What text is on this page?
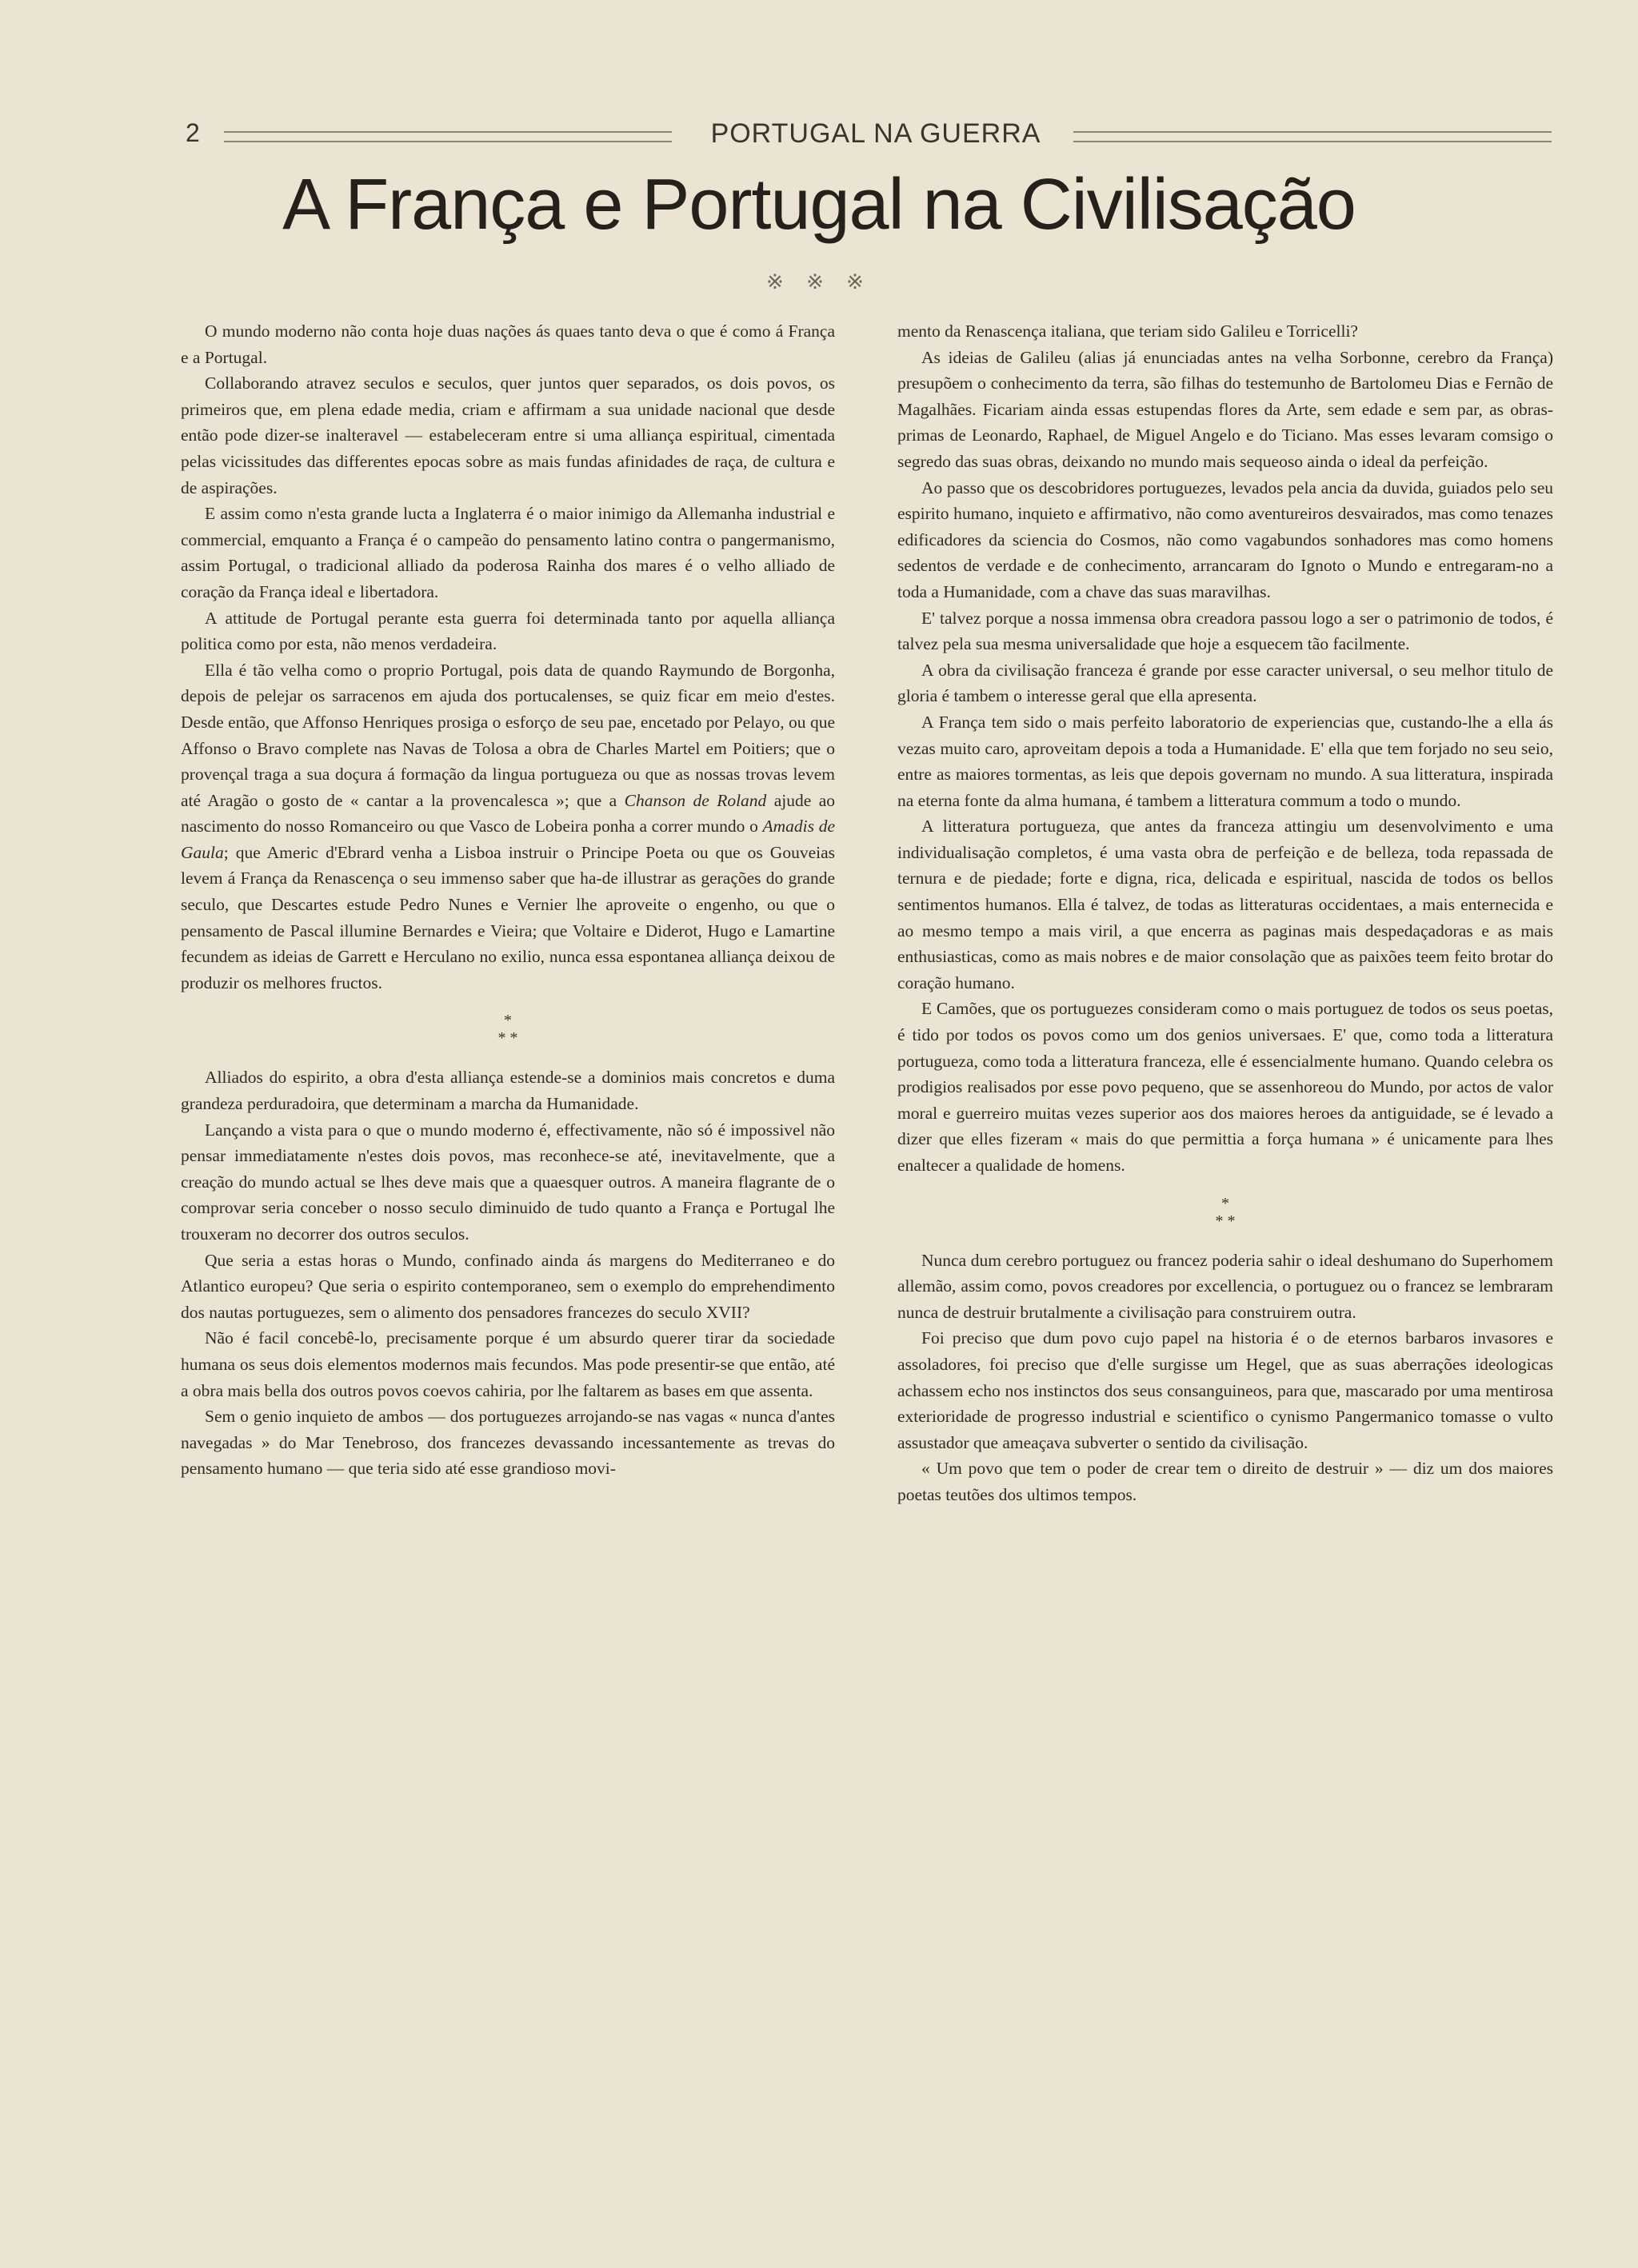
2	PORTUGAL NA GUERRA
A França e Portugal na Civilisação
※ ※ ※

O mundo moderno não conta hoje duas nações ás quaes tanto deva o que é como á França e a Portugal.

Collaborando atravez seculos e seculos, quer juntos quer separados, os dois povos, os primeiros que, em plena edade media, criam e affirmam a sua unidade nacional que desde então pode dizer-se inalteravel — estabeleceram entre si uma alliança espiritual, cimentada pelas vicissitudes das differentes epocas sobre as mais fundas afinidades de raça, de cultura e de aspirações.

E assim como n'esta grande lucta a Inglaterra é o maior inimigo da Allemanha industrial e commercial, emquanto a França é o campeão do pensamento latino contra o pangermanismo, assim Portugal, o tradicional alliado da poderosa Rainha dos mares é o velho alliado de coração da França ideal e libertadora.

A attitude de Portugal perante esta guerra foi determinada tanto por aquella alliança politica como por esta, não menos verdadeira.

Ella é tão velha como o proprio Portugal, pois data de quando Raymundo de Borgonha, depois de pelejar os sarracenos em ajuda dos portucalenses, se quiz ficar em meio d'estes. Desde então, que Affonso Henriques prosiga o esforço de seu pae, encetado por Pelayo, ou que Affonso o Bravo complete nas Navas de Tolosa a obra de Charles Martel em Poitiers; que o provençal traga a sua doçura á formação da lingua portugueza ou que as nossas trovas levem até Aragão o gosto de « cantar a la provencalesca »; que a Chanson de Roland ajude ao nascimento do nosso Romanceiro ou que Vasco de Lobeira ponha a correr mundo o Amadis de Gaula; que Americ d'Ebrard venha a Lisboa instruir o Principe Poeta ou que os Gouveias levem á França da Renascença o seu immenso saber que ha-de illustrar as gerações do grande seculo, que Descartes estude Pedro Nunes e Vernier lhe aproveite o engenho, ou que o pensamento de Pascal illumine Bernardes e Vieira; que Voltaire e Diderot, Hugo e Lamartine fecundem as ideias de Garrett e Herculano no exilio, nunca essa espontanea alliança deixou de produzir os melhores fructos.

*
* *

Alliados do espirito, a obra d'esta alliança estende-se a dominios mais concretos e duma grandeza perduradoira, que determinam a marcha da Humanidade.

Lançando a vista para o que o mundo moderno é, effectivamente, não só é impossivel não pensar immediatamente n'estes dois povos, mas reconhece-se até, inevitavelmente, que a creação do mundo actual se lhes deve mais que a quaesquer outros. A maneira flagrante de o comprovar seria conceber o nosso seculo diminuido de tudo quanto a França e Portugal lhe trouxeram no decorrer dos outros seculos.

Que seria a estas horas o Mundo, confinado ainda ás margens do Mediterraneo e do Atlantico europeu? Que seria o espirito contemporaneo, sem o exemplo do emprehendimento dos nautas portuguezes, sem o alimento dos pensadores francezes do seculo XVII?

Não é facil concebê-lo, precisamente porque é um absurdo querer tirar da sociedade humana os seus dois elementos modernos mais fecundos. Mas pode presentir-se que então, até a obra mais bella dos outros povos coevos cahiria, por lhe faltarem as bases em que assenta.

Sem o genio inquieto de ambos — dos portuguezes arrojando-se nas vagas « nunca d'antes navegadas » do Mar Tenebroso, dos francezes devassando incessantemente as trevas do pensamento humano — que teria sido até esse grandioso movi-

mento da Renascença italiana, que teriam sido Galileu e Torricelli?

As ideias de Galileu (alias já enunciadas antes na velha Sorbonne, cerebro da França) presupõem o conhecimento da terra, são filhas do testemunho de Bartolomeu Dias e Fernão de Magalhães. Ficariam ainda essas estupendas flores da Arte, sem edade e sem par, as obras-primas de Leonardo, Raphael, de Miguel Angelo e do Ticiano. Mas esses levaram comsigo o segredo das suas obras, deixando no mundo mais sequeoso ainda o ideal da perfeição.

Ao passo que os descobridores portuguezes, levados pela ancia da duvida, guiados pelo seu espirito humano, inquieto e affirmativo, não como aventureiros desvairados, mas como tenazes edificadores da sciencia do Cosmos, não como vagabundos sonhadores mas como homens sedentos de verdade e de conhecimento, arrancaram do Ignoto o Mundo e entregaram-no a toda a Humanidade, com a chave das suas maravilhas.

E' talvez porque a nossa immensa obra creadora passou logo a ser o patrimonio de todos, é talvez pela sua mesma universalidade que hoje a esquecem tão facilmente.

A obra da civilisação franceza é grande por esse caracter universal, o seu melhor titulo de gloria é tambem o interesse geral que ella apresenta.

A França tem sido o mais perfeito laboratorio de experiencias que, custando-lhe a ella ás vezas muito caro, aproveitam depois a toda a Humanidade. E' ella que tem forjado no seu seio, entre as maiores tormentas, as leis que depois governam no mundo. A sua litteratura, inspirada na eterna fonte da alma humana, é tambem a litteratura commum a todo o mundo.

A litteratura portugueza, que antes da franceza attingiu um desenvolvimento e uma individualisação completos, é uma vasta obra de perfeição e de belleza, toda repassada de ternura e de piedade; forte e digna, rica, delicada e espiritual, nascida de todos os bellos sentimentos humanos. Ella é talvez, de todas as litteraturas occidentaes, a mais enternecida e ao mesmo tempo a mais viril, a que encerra as paginas mais despedaçadoras e as mais enthusiasticas, como as mais nobres e de maior consolação que as paixões teem feito brotar do coração humano.

E Camões, que os portuguezes consideram como o mais portuguez de todos os seus poetas, é tido por todos os povos como um dos genios universaes. E' que, como toda a litteratura portugueza, como toda a litteratura franceza, elle é essencialmente humano. Quando celebra os prodigios realisados por esse povo pequeno, que se assenhoreou do Mundo, por actos de valor moral e guerreiro muitas vezes superior aos dos maiores heroes da antiguidade, se é levado a dizer que elles fizeram « mais do que permittia a força humana » é unicamente para lhes enaltecer a qualidade de homens.

*
* *

Nunca dum cerebro portuguez ou francez poderia sahir o ideal deshumano do Superhomem allemão, assim como, povos creadores por excellencia, o portuguez ou o francez se lembraram nunca de destruir brutalmente a civilisação para construirem outra.

Foi preciso que dum povo cujo papel na historia é o de eternos barbaros invasores e assoladores, foi preciso que d'elle surgisse um Hegel, que as suas aberrações ideologicas achassem echo nos instinctos dos seus consanguineos, para que, mascarado por uma mentirosa exterioridade de progresso industrial e scientifico o cynismo Pangermanico tomasse o vulto assustador que ameaçava subverter o sentido da civilisação.

« Um povo que tem o poder de crear tem o direito de destruir » — diz um dos maiores poetas teutões dos ultimos tempos.
